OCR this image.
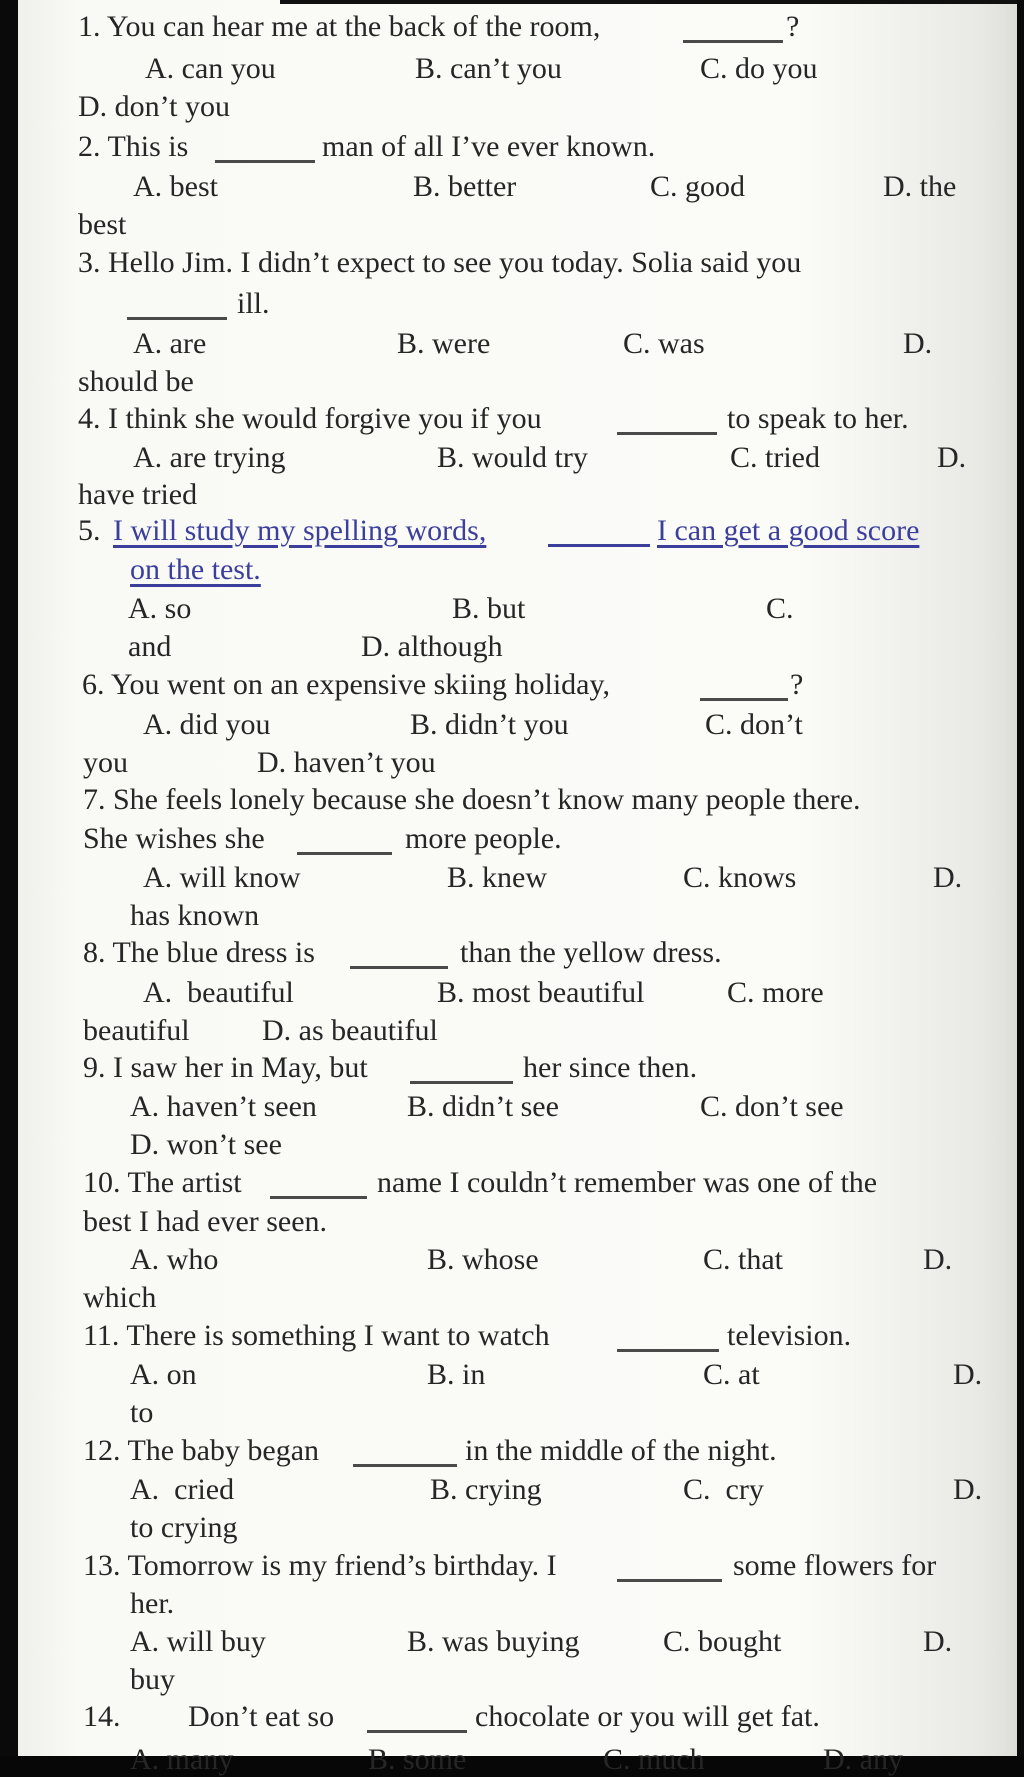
1. You can hear me at the back of the room,	?
A. can you	B. can’t you	C. do you
D. don’t you
2. This is	man of all I’ve ever known.
A. best	B. better	C. good	D. the
best
3. Hello Jim. I didn’t expect to see you today. Solia said you
ill.
A. are	B. were	C. was	D.
should be
4. I think she would forgive you if you	to speak to her.
A. are trying	B. would try	C. tried	D.
have tried
5. I will study my spelling words,	I can get a good score
on the test.
A. so	B. but	C.
and	D. although
6. You went on an expensive skiing holiday,	?
A. did you	B. didn’t you	C. don’t
you	D. haven’t you
7. She feels lonely because she doesn’t know many people there.
She wishes she	more people.
A. will know	B. knew	C. knows	D.
has known
8. The blue dress is	than the yellow dress.
A.  beautiful	B. most beautiful	C. more
beautiful D. as beautiful
9. I saw her in May, but	her since then.
A. haven’t seen	B. didn’t see	C. don’t see
D. won’t see
10. The artist	name I couldn’t remember was one of the
best I had ever seen.
A. who	B. whose	C. that	D.
which
11. There is something I want to watch	television.
A. on	B. in	C. at	D.
to
12. The baby began	in the middle of the night.
A.  cried	B. crying	C.  cry	D.
to crying
13. Tomorrow is my friend’s birthday. I	some flowers for
her.
A. will buy	B. was buying	C. bought	D.
buy
14. Don’t eat so	chocolate or you will get fat.
A. many	B. some	C. much	D. any
